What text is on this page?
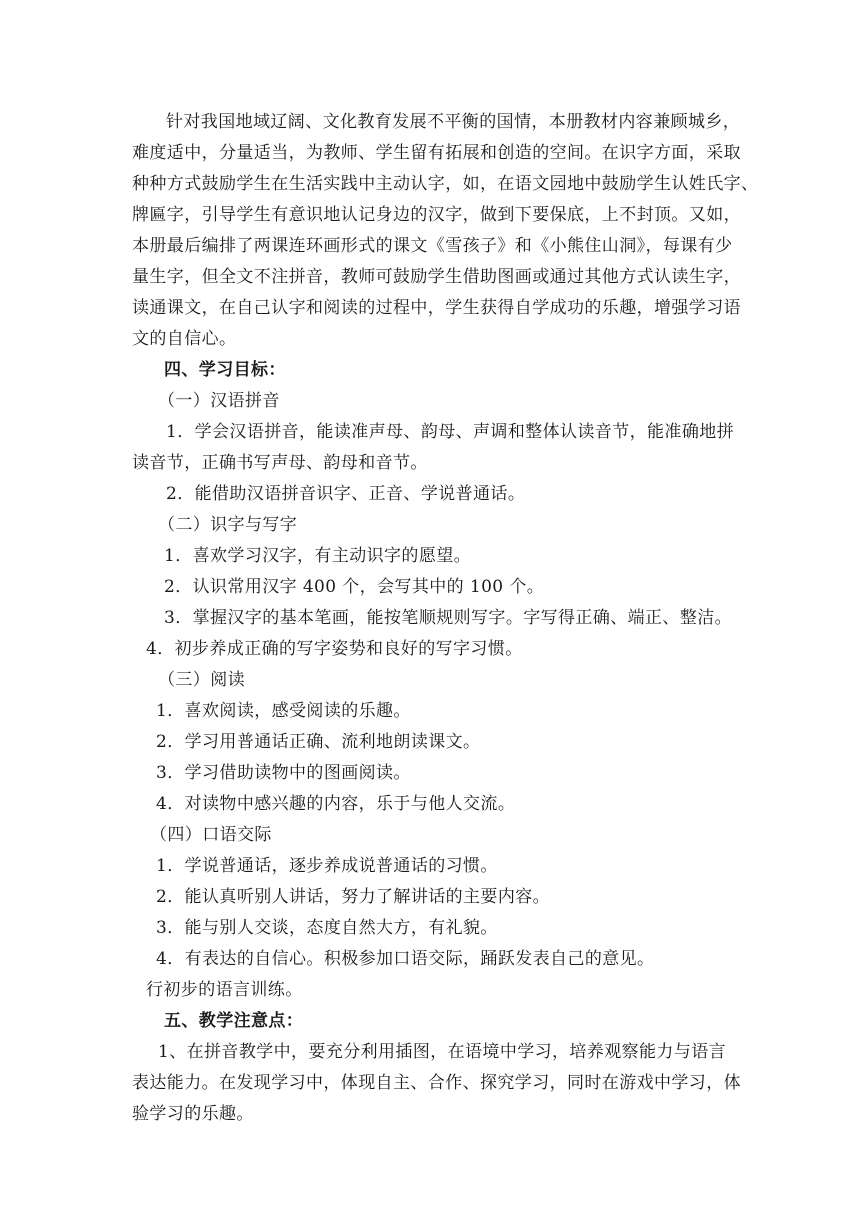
针对我国地域辽阔、文化教育发展不平衡的国情，本册教材内容兼顾城乡，
难度适中，分量适当，为教师、学生留有拓展和创造的空间。在识字方面，采取
种种方式鼓励学生在生活实践中主动认字，如，在语文园地中鼓励学生认姓氏字、
牌匾字，引导学生有意识地认记身边的汉字，做到下要保底，上不封顶。又如，
本册最后编排了两课连环画形式的课文《雪孩子》和《小熊住山洞》，每课有少
量生字，但全文不注拼音，教师可鼓励学生借助图画或通过其他方式认读生字，
读通课文，在自己认字和阅读的过程中，学生获得自学成功的乐趣，增强学习语
文的自信心。
四、学习目标：
（一）汉语拼音
1．学会汉语拼音，能读准声母、韵母、声调和整体认读音节，能准确地拼
读音节，正确书写声母、韵母和音节。
2．能借助汉语拼音识字、正音、学说普通话。
（二）识字与写字
1．喜欢学习汉字，有主动识字的愿望。
2．认识常用汉字 400 个，会写其中的 100 个。
3．掌握汉字的基本笔画，能按笔顺规则写字。字写得正确、端正、整洁。
4．初步养成正确的写字姿势和良好的写字习惯。
（三）阅读
1．喜欢阅读，感受阅读的乐趣。
2．学习用普通话正确、流利地朗读课文。
3．学习借助读物中的图画阅读。
4．对读物中感兴趣的内容，乐于与他人交流。
（四）口语交际
1．学说普通话，逐步养成说普通话的习惯。
2．能认真听别人讲话，努力了解讲话的主要内容。
3．能与别人交谈，态度自然大方，有礼貌。
4．有表达的自信心。积极参加口语交际，踊跃发表自己的意见。
行初步的语言训练。
五、教学注意点：
1、在拼音教学中，要充分利用插图，在语境中学习，培养观察能力与语言
表达能力。在发现学习中，体现自主、合作、探究学习，同时在游戏中学习，体
验学习的乐趣。
